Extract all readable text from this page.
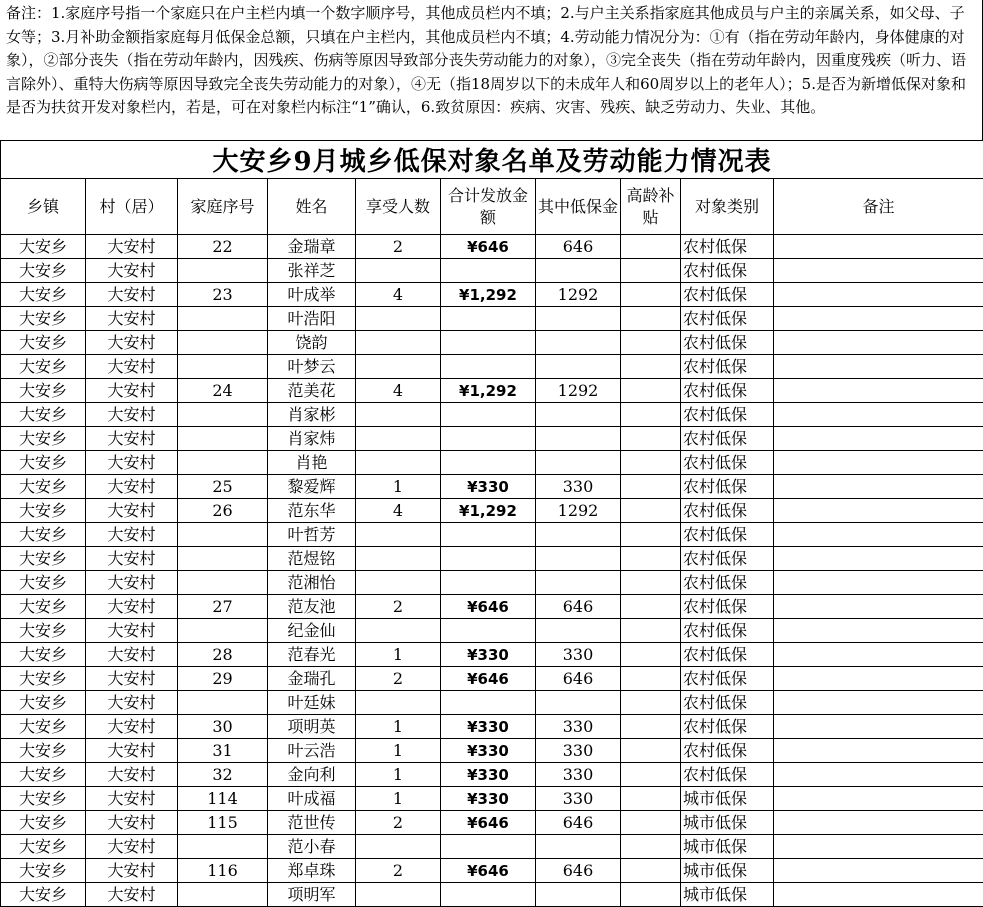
备注：1.家庭序号指一个家庭只在户主栏内填一个数字顺序号，其他成员栏内不填；2.与户主关系指家庭其他成员与户主的亲属关系，如父母、子女等；3.月补助金额指家庭每月低保金总额，只填在户主栏内，其他成员栏内不填；4.劳动能力情况分为：①有（指在劳动年龄内，身体健康的对象），②部分丧失（指在劳动年龄内，因残疾、伤病等原因导致部分丧失劳动能力的对象），③完全丧失（指在劳动年龄内，因重度残疾（听力、语言除外）、重特大伤病等原因导致完全丧失劳动能力的对象），④无（指18周岁以下的未成年人和60周岁以上的老年人）；5.是否为新增低保对象和是否为扶贫开发对象栏内，若是，可在对象栏内标注“1”确认，6.致贫原因：疾病、灾害、残疾、缺乏劳动力、失业、其他。
大安乡9月城乡低保对象名单及劳动能力情况表									
乡镇	村（居）	家庭序号	姓名	享受人数	合计发放金额	其中低保金	高龄补贴	对象类别	备注
大安乡	大安村	22	金瑞章	2	¥646	646		农村低保	
大安乡	大安村		张祥芝					农村低保	
大安乡	大安村	23	叶成举	4	¥1,292	1292		农村低保	
大安乡	大安村		叶浩阳					农村低保	
大安乡	大安村		饶韵					农村低保	
大安乡	大安村		叶梦云					农村低保	
大安乡	大安村	24	范美花	4	¥1,292	1292		农村低保	
大安乡	大安村		肖家彬					农村低保	
大安乡	大安村		肖家炜					农村低保	
大安乡	大安村		肖艳					农村低保	
大安乡	大安村	25	黎爱辉	1	¥330	330		农村低保	
大安乡	大安村	26	范东华	4	¥1,292	1292		农村低保	
大安乡	大安村		叶哲芳					农村低保	
大安乡	大安村		范煜铭					农村低保	
大安乡	大安村		范湘怡					农村低保	
大安乡	大安村	27	范友池	2	¥646	646		农村低保	
大安乡	大安村		纪金仙					农村低保	
大安乡	大安村	28	范春光	1	¥330	330		农村低保	
大安乡	大安村	29	金瑞孔	2	¥646	646		农村低保	
大安乡	大安村		叶廷妹					农村低保	
大安乡	大安村	30	项明英	1	¥330	330		农村低保	
大安乡	大安村	31	叶云浩	1	¥330	330		农村低保	
大安乡	大安村	32	金向利	1	¥330	330		农村低保	
大安乡	大安村	114	叶成福	1	¥330	330		城市低保	
大安乡	大安村	115	范世传	2	¥646	646		城市低保	
大安乡	大安村		范小春					城市低保	
大安乡	大安村	116	郑卓珠	2	¥646	646		城市低保	
大安乡	大安村		项明军					城市低保	
